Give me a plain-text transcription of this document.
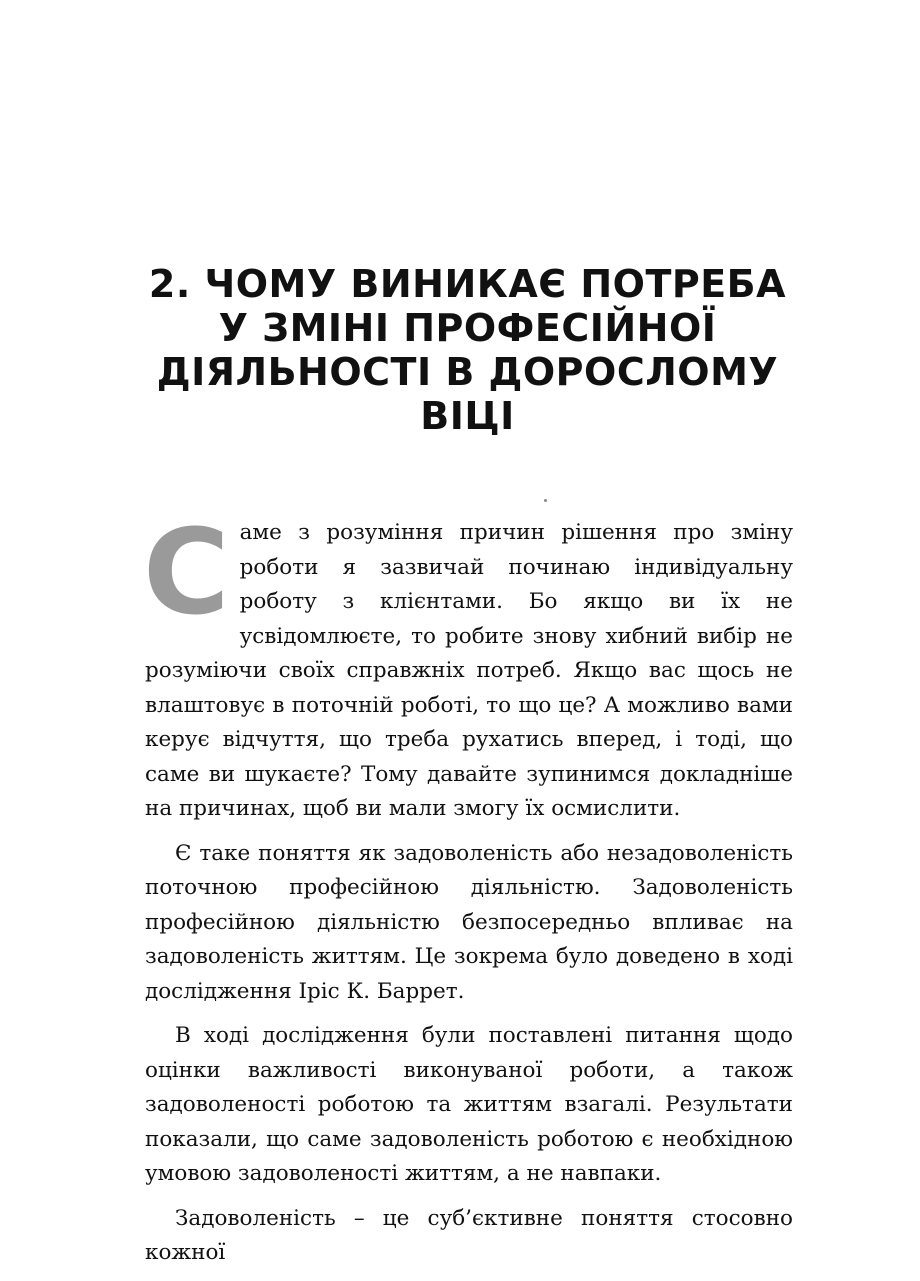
2. ЧОМУ ВИНИКАЄ ПОТРЕБА
У ЗМІНІ ПРОФЕСІЙНОЇ
ДІЯЛЬНОСТІ В ДОРОСЛОМУ
ВІЦІ

Саме з розуміння причин рішення про зміну роботи я зазвичай починаю індивідуальну роботу з клієнтами. Бо якщо ви їх не усвідомлюєте, то робите знову хибний вибір не розуміючи своїх справжніх потреб. Якщо вас щось не влаштовує в поточній роботі, то що це? А можливо вами керує відчуття, що треба рухатись вперед, і тоді, що саме ви шукаєте? Тому давайте зупинимся докладніше на причинах, щоб ви мали змогу їх осмислити.

Є таке поняття як задоволеність або незадоволеність поточною професійною діяльністю. Задоволеність професійною діяльністю безпосередньо впливає на задоволеність життям. Це зокрема було доведено в ході дослідження Іріс К. Баррет.

В ході дослідження були поставлені питання щодо оцінки важливості виконуваної роботи, а також задоволеності роботою та життям взагалі. Результати показали, що саме задоволеність роботою є необхідною умовою задоволеності життям, а не навпаки.

Задоволеність – це суб’єктивне поняття стосовно кожної
